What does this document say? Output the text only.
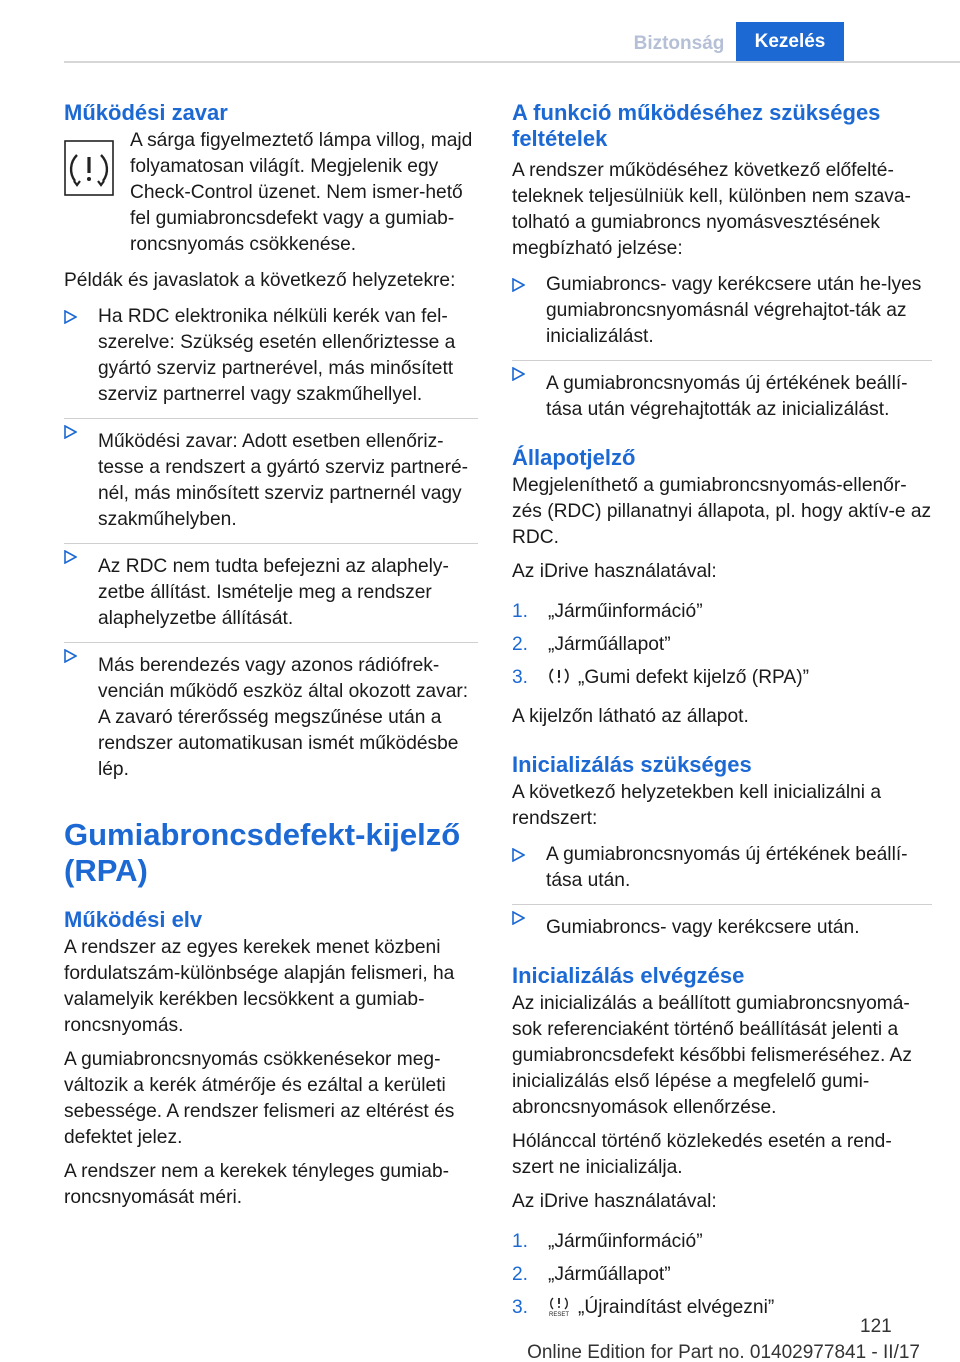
Biztonság	Kezelés
Működési zavar

A sárga figyelmeztető lámpa villog, majd folyamatosan világít. Megjelenik egy Check-Control üzenet. Nem ismer-hető fel gumiabroncsdefekt vagy a gumiab-roncsnyomás csökkenése.

Példák és javaslatok a következő helyzetekre:

Ha RDC elektronika nélküli kerék van fel-szerelve: Szükség esetén ellenőriztesse a gyártó szerviz partnerével, más minősített szerviz partnerrel vagy szakműhellyel.
Működési zavar: Adott esetben ellenőriz-tesse a rendszert a gyártó szerviz partneré-nél, más minősített szerviz partnernél vagy szakműhelyben.
Az RDC nem tudta befejezni az alaphely-zetbe állítást. Ismételje meg a rendszer alaphelyzetbe állítását.
Más berendezés vagy azonos rádiófrek-vencián működő eszköz által okozott zavar: A zavaró térerősség megszűnése után a rendszer automatikusan ismét működésbe lép.
Gumiabroncsdefekt-kijelző (RPA)
Működési elv

A rendszer az egyes kerekek menet közbeni fordulatszám-különbsége alapján felismeri, ha valamelyik kerékben lecsökkent a gumiab-roncsnyomás.

A gumiabroncsnyomás csökkenésekor meg-változik a kerék átmérője és ezáltal a kerületi sebessége. A rendszer felismeri az eltérést és defektet jelez.

A rendszer nem a kerekek tényleges gumiab-roncsnyomását méri.

A funkció működéséhez szükséges feltételek

A rendszer működéséhez következő előfelté-teleknek teljesülniük kell, különben nem szava-tolható a gumiabroncs nyomásvesztésének megbízható jelzése:

Gumiabroncs- vagy kerékcsere után he-lyes gumiabroncsnyomásnál végrehajtot-ták az inicializálást.
A gumiabroncsnyomás új értékének beállí-tása után végrehajtották az inicializálást.
Állapotjelző

Megjeleníthető a gumiabroncsnyomás-ellenőr-zés (RDC) pillanatnyi állapota, pl. hogy aktív-e az RDC.

Az iDrive használatával:

1. „Járműinformáció”
2. „Járműállapot”
3.	„Gumi defekt kijelző (RPA)”

A kijelzőn látható az állapot.

Inicializálás szükséges

A következő helyzetekben kell inicializálni a rendszert:

A gumiabroncsnyomás új értékének beállí-tása után.
Gumiabroncs- vagy kerékcsere után.
Inicializálás elvégzése

Az inicializálás a beállított gumiabroncsnyomá-sok referenciaként történő beállítását jelenti a gumiabroncsdefekt későbbi felismeréséhez. Az inicializálás első lépése a megfelelő gumi-abroncsnyomások ellenőrzése.

Hólánccal történő közlekedés esetén a rend-szert ne inicializálja.

Az iDrive használatával:

1. „Járműinformáció”
2. „Járműállapot”
3.	RESET „Újraindítást elvégezni”
121
Online Edition for Part no. 01402977841 - II/17
